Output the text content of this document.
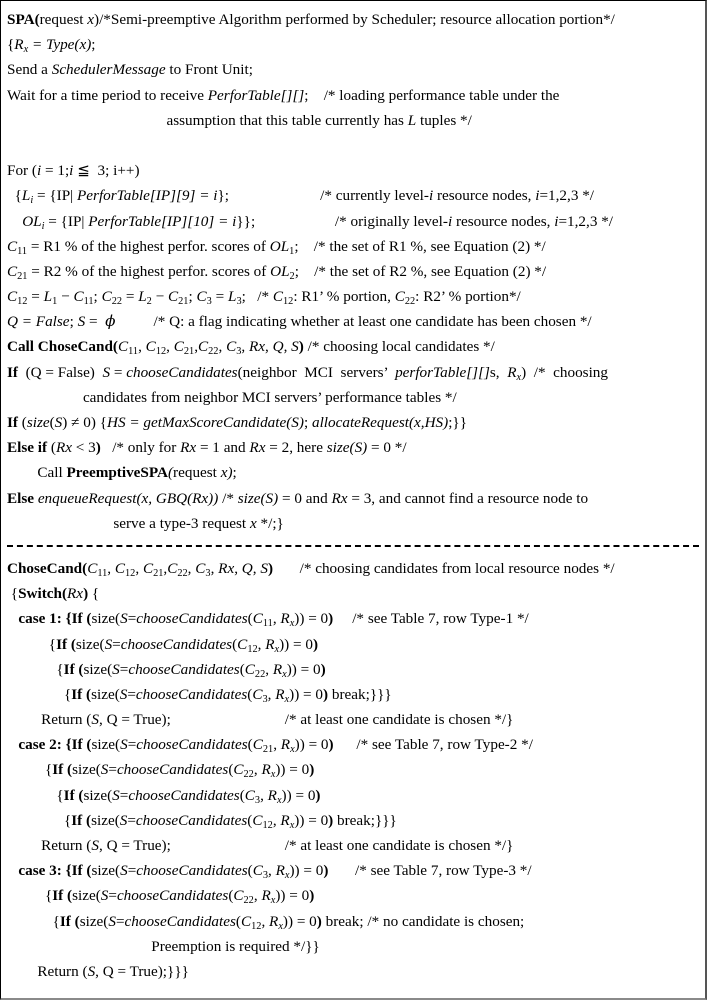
SPA(request x)/*Semi-preemptive Algorithm performed by Scheduler; resource allocation portion*/
{$R_x$ = Type(x);
Send a SchedulerMessage to Front Unit;
Wait for a time period to receive PerforTable[][];    /* loading performance table under the
assumption that this table currently has L tuples */

For (i = 1;i ≦  3; i++)
{$L_i = \{IP|$ PerforTable[IP][9] = i};                        /* currently level-i resource nodes, i=1,2,3 */
$OL_i = \{IP|$ PerforTable[IP][10] = i}};                     /* originally level-i resource nodes, i=1,2,3 */
$C_{11} = R1$ % of the highest perfor. scores of $OL_1$;    /* the set of R1 %, see Equation (2) */
$C_{21} = R2$ % of the highest perfor. scores of $OL_2$;    /* the set of R2 %, see Equation (2) */
$C_{12} = L_1 - C_{11}$; $C_{22} = L_2 - C_{21}$; $C_3 = L_3$;   /* $C_{12}$: R1’ % portion, $C_{22}$: R2’ % portion*/
Q = False; S =  ϕ          /* Q: a flag indicating whether at least one candidate has been chosen */
Call $ChoseCand(C_{11}$, $C_{12}$, $C_{21},C_{22}$, $C_3$, Rx, Q, S) /* choosing local candidates */
If  (Q = False)  S = chooseCandidates(neighbor  MCI  servers’  perforTable[][]s,  $R_x$)  /*  choosing
candidates from neighbor MCI servers’ performance tables */
If (size(S) ≠ 0) {HS = getMaxScoreCandidate(S); allocateRequest(x,HS);}}
Else if (Rx < 3)   /* only for Rx = 1 and Rx = 2, here size(S) = 0 */
Call PreemptiveSPA(request x);
Else enqueueRequest(x, GBQ(Rx)) /* size(S) = 0 and Rx = 3, and cannot find a resource node to
serve a type-3 request x */;}
$ChoseCand(C_{11}$, $C_{12}$, $C_{21},C_{22}$, $C_3$, Rx, Q, S)       /* choosing candidates from local resource nodes */
{Switch(Rx) {
case 1: {If ($size(S=chooseCandidates(C_{11}$, $R_x)) = 0$)     /* see Table 7, row Type-1 */
{If ($size(S=chooseCandidates(C_{12}$, $R_x)) = 0$)
{If ($size(S=chooseCandidates(C_{22}$, $R_x)) = 0$)
{If ($size(S=chooseCandidates(C_3$, $R_x)) = 0$) break;}}}
Return (S, Q = True);                              /* at least one candidate is chosen */}
case 2: {If ($size(S=chooseCandidates(C_{21}$, $R_x)) = 0$)      /* see Table 7, row Type-2 */
{If ($size(S=chooseCandidates(C_{22}$, $R_x)) = 0$)
{If ($size(S=chooseCandidates(C_3$, $R_x)) = 0$)
{If ($size(S=chooseCandidates(C_{12}$, $R_x)) = 0$) break;}}}
Return (S, Q = True);                              /* at least one candidate is chosen */}
case 3: {If ($size(S=chooseCandidates(C_3$, $R_x)) = 0$)       /* see Table 7, row Type-3 */
{If ($size(S=chooseCandidates(C_{22}$, $R_x)) = 0$)
{If ($size(S=chooseCandidates(C_{12}$, $R_x)) = 0$) break; /* no candidate is chosen;
Preemption is required */}}
Return (S, Q = True);}}}
